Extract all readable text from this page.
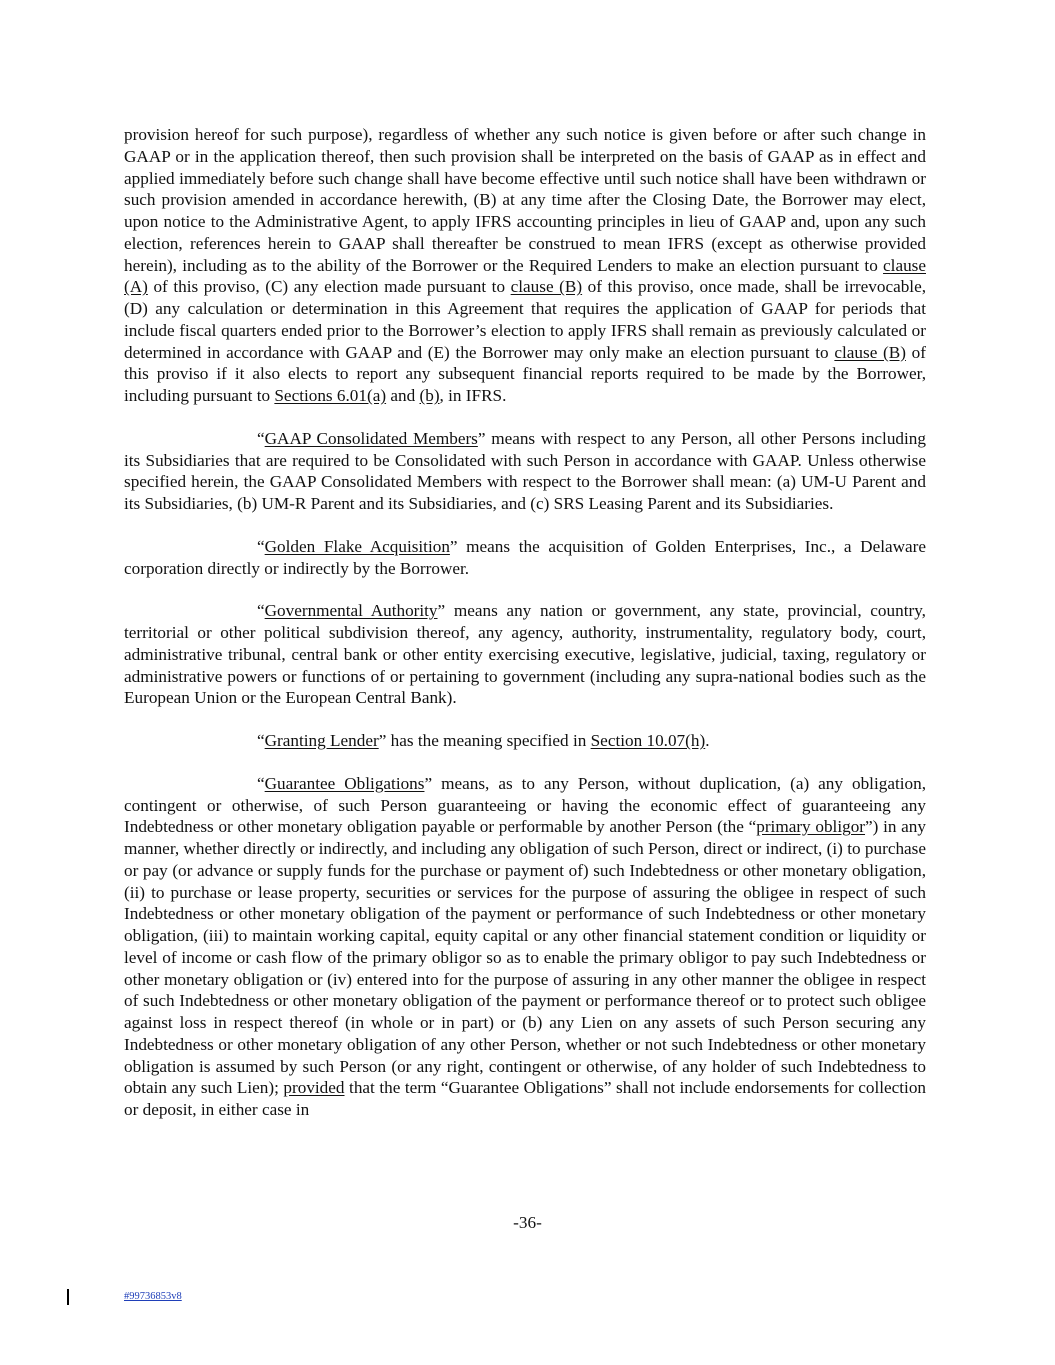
provision hereof for such purpose), regardless of whether any such notice is given before or after such change in GAAP or in the application thereof, then such provision shall be interpreted on the basis of GAAP as in effect and applied immediately before such change shall have become effective until such notice shall have been withdrawn or such provision amended in accordance herewith, (B) at any time after the Closing Date, the Borrower may elect, upon notice to the Administrative Agent, to apply IFRS accounting principles in lieu of GAAP and, upon any such election, references herein to GAAP shall thereafter be construed to mean IFRS (except as otherwise provided herein), including as to the ability of the Borrower or the Required Lenders to make an election pursuant to clause (A) of this proviso, (C) any election made pursuant to clause (B) of this proviso, once made, shall be irrevocable, (D) any calculation or determination in this Agreement that requires the application of GAAP for periods that include fiscal quarters ended prior to the Borrower’s election to apply IFRS shall remain as previously calculated or determined in accordance with GAAP and (E) the Borrower may only make an election pursuant to clause (B) of this proviso if it also elects to report any subsequent financial reports required to be made by the Borrower, including pursuant to Sections 6.01(a) and (b), in IFRS.

“GAAP Consolidated Members” means with respect to any Person, all other Persons including its Subsidiaries that are required to be Consolidated with such Person in accordance with GAAP. Unless otherwise specified herein, the GAAP Consolidated Members with respect to the Borrower shall mean: (a) UM-U Parent and its Subsidiaries, (b) UM-R Parent and its Subsidiaries, and (c) SRS Leasing Parent and its Subsidiaries.

“Golden Flake Acquisition” means the acquisition of Golden Enterprises, Inc., a Delaware corporation directly or indirectly by the Borrower.

“Governmental Authority” means any nation or government, any state, provincial, country, territorial or other political subdivision thereof, any agency, authority, instrumentality, regulatory body, court, administrative tribunal, central bank or other entity exercising executive, legislative, judicial, taxing, regulatory or administrative powers or functions of or pertaining to government (including any supra-national bodies such as the European Union or the European Central Bank).

“Granting Lender” has the meaning specified in Section 10.07(h).

“Guarantee Obligations” means, as to any Person, without duplication, (a) any obligation, contingent or otherwise, of such Person guaranteeing or having the economic effect of guaranteeing any Indebtedness or other monetary obligation payable or performable by another Person (the “primary obligor”) in any manner, whether directly or indirectly, and including any obligation of such Person, direct or indirect, (i) to purchase or pay (or advance or supply funds for the purchase or payment of) such Indebtedness or other monetary obligation, (ii) to purchase or lease property, securities or services for the purpose of assuring the obligee in respect of such Indebtedness or other monetary obligation of the payment or performance of such Indebtedness or other monetary obligation, (iii) to maintain working capital, equity capital or any other financial statement condition or liquidity or level of income or cash flow of the primary obligor so as to enable the primary obligor to pay such Indebtedness or other monetary obligation or (iv) entered into for the purpose of assuring in any other manner the obligee in respect of such Indebtedness or other monetary obligation of the payment or performance thereof or to protect such obligee against loss in respect thereof (in whole or in part) or (b) any Lien on any assets of such Person securing any Indebtedness or other monetary obligation of any other Person, whether or not such Indebtedness or other monetary obligation is assumed by such Person (or any right, contingent or otherwise, of any holder of such Indebtedness to obtain any such Lien); provided that the term “Guarantee Obligations” shall not include endorsements for collection or deposit, in either case in

-36-
#99736853v8
